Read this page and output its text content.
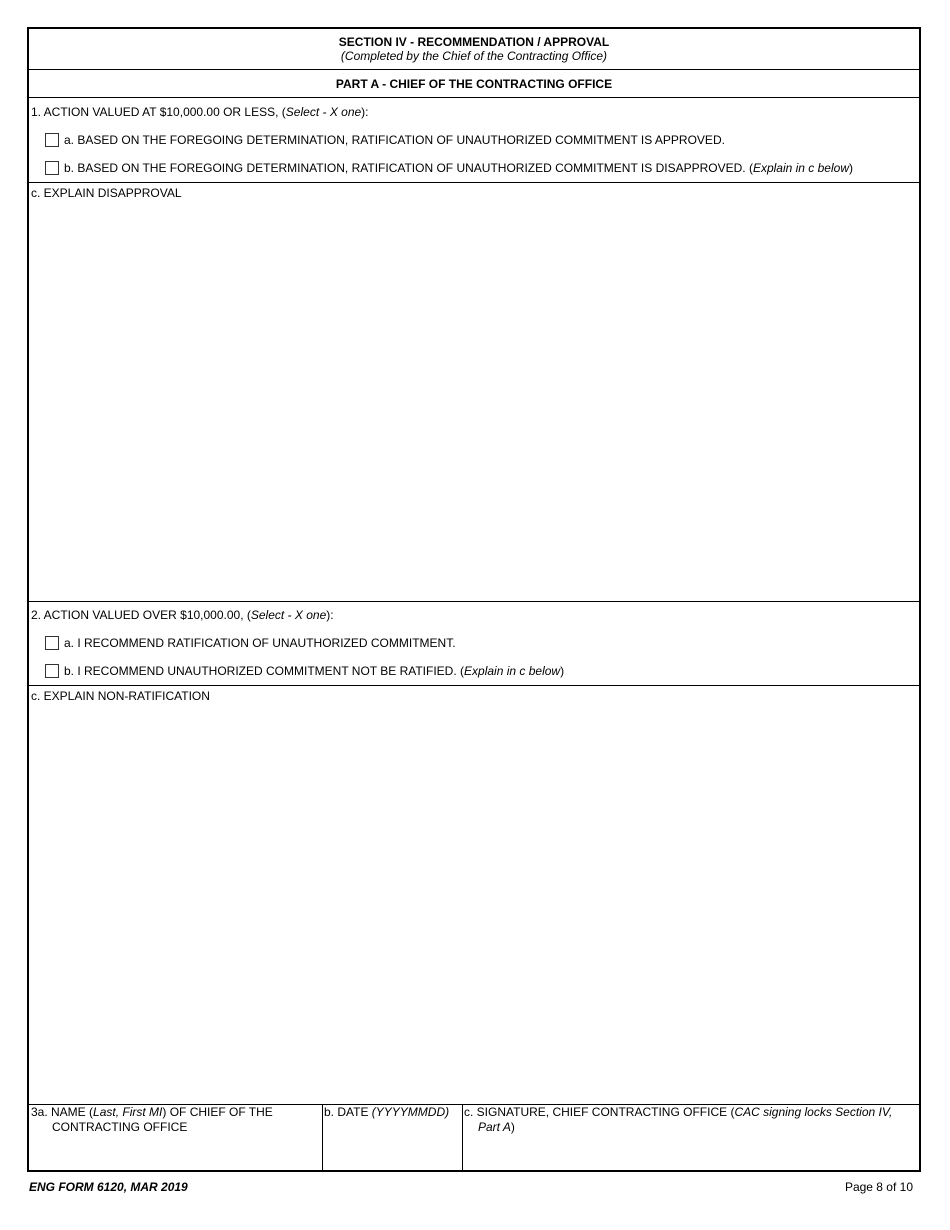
SECTION IV - RECOMMENDATION / APPROVAL
(Completed by the Chief of the Contracting Office)
PART A - CHIEF OF THE CONTRACTING OFFICE
1. ACTION VALUED AT $10,000.00 OR LESS, (Select - X one):
a. BASED ON THE FOREGOING DETERMINATION, RATIFICATION OF UNAUTHORIZED COMMITMENT IS APPROVED.
b. BASED ON THE FOREGOING DETERMINATION, RATIFICATION OF UNAUTHORIZED COMMITMENT IS DISAPPROVED. (Explain in c below)
c. EXPLAIN DISAPPROVAL
2. ACTION VALUED OVER $10,000.00, (Select - X one):
a. I RECOMMEND RATIFICATION OF UNAUTHORIZED COMMITMENT.
b. I RECOMMEND UNAUTHORIZED COMMITMENT NOT BE RATIFIED. (Explain in c below)
c. EXPLAIN NON-RATIFICATION
3a. NAME (Last, First MI) OF CHIEF OF THE
CONTRACTING OFFICE
b. DATE (YYYYMMDD) c. SIGNATURE, CHIEF CONTRACTING OFFICE (CAC signing locks Section IV,
Part A)
ENG FORM 6120, MAR 2019	Page 8 of 10
